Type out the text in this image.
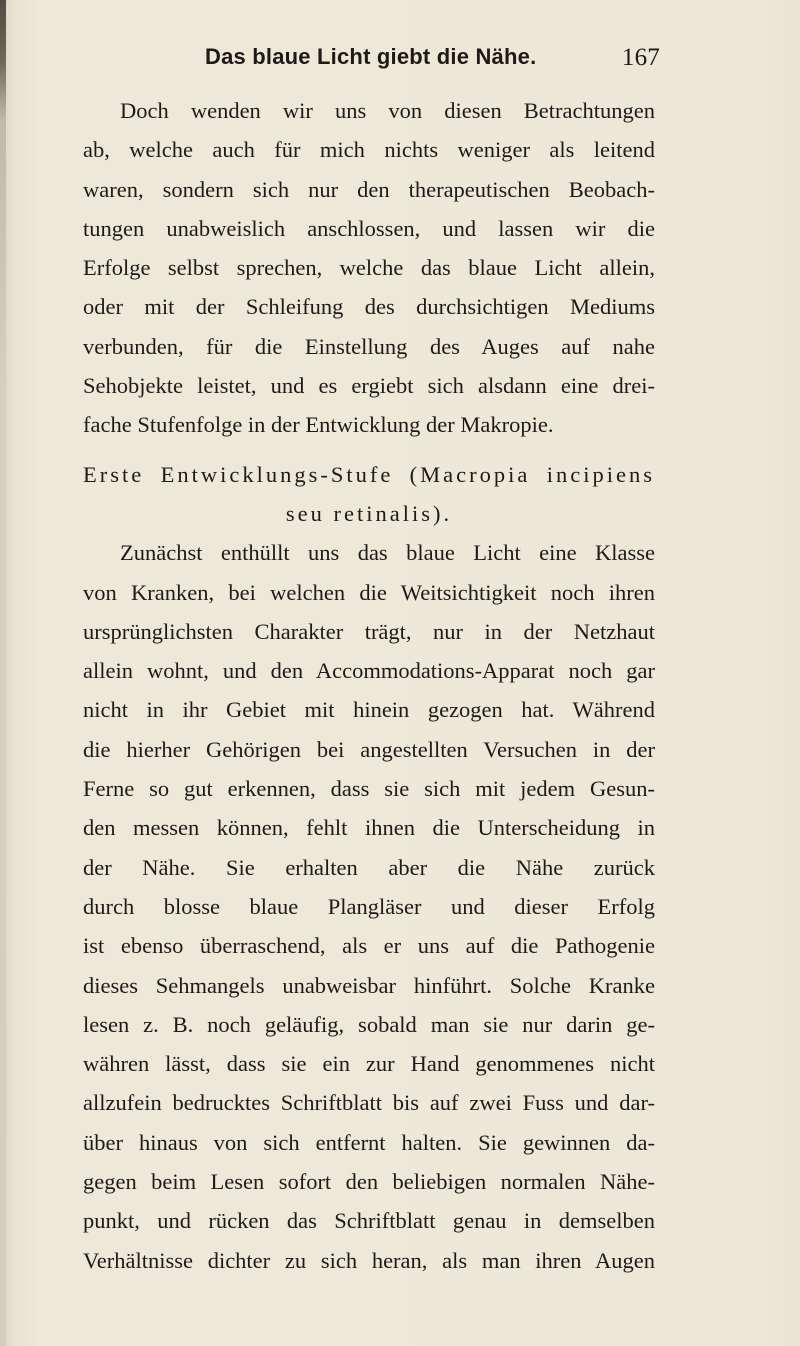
Das blaue Licht giebt die Nähe.	167
Doch wenden wir uns von diesen Betrachtungen
ab, welche auch für mich nichts weniger als leitend
waren, sondern sich nur den therapeutischen Beobach-
tungen unabweislich anschlossen, und lassen wir die
Erfolge selbst sprechen, welche das blaue Licht allein,
oder mit der Schleifung des durchsichtigen Mediums
verbunden, für die Einstellung des Auges auf nahe
Sehobjekte leistet, und es ergiebt sich alsdann eine drei-
fache Stufenfolge in der Entwicklung der Makropie.
Erste Entwicklungs-Stufe (Macropia incipiens
seu retinalis).
Zunächst enthüllt uns das blaue Licht eine Klasse
von Kranken, bei welchen die Weitsichtigkeit noch ihren
ursprünglichsten Charakter trägt, nur in der Netzhaut
allein wohnt, und den Accommodations-Apparat noch gar
nicht in ihr Gebiet mit hinein gezogen hat. Während
die hierher Gehörigen bei angestellten Versuchen in der
Ferne so gut erkennen, dass sie sich mit jedem Gesun-
den messen können, fehlt ihnen die Unterscheidung in
der Nähe. Sie erhalten aber die Nähe zurück
durch blosse blaue Plangläser und dieser Erfolg
ist ebenso überraschend, als er uns auf die Pathogenie
dieses Sehmangels unabweisbar hinführt. Solche Kranke
lesen z. B. noch geläufig, sobald man sie nur darin ge-
währen lässt, dass sie ein zur Hand genommenes nicht
allzufein bedrucktes Schriftblatt bis auf zwei Fuss und dar-
über hinaus von sich entfernt halten. Sie gewinnen da-
gegen beim Lesen sofort den beliebigen normalen Nähe-
punkt, und rücken das Schriftblatt genau in demselben
Verhältnisse dichter zu sich heran, als man ihren Augen
